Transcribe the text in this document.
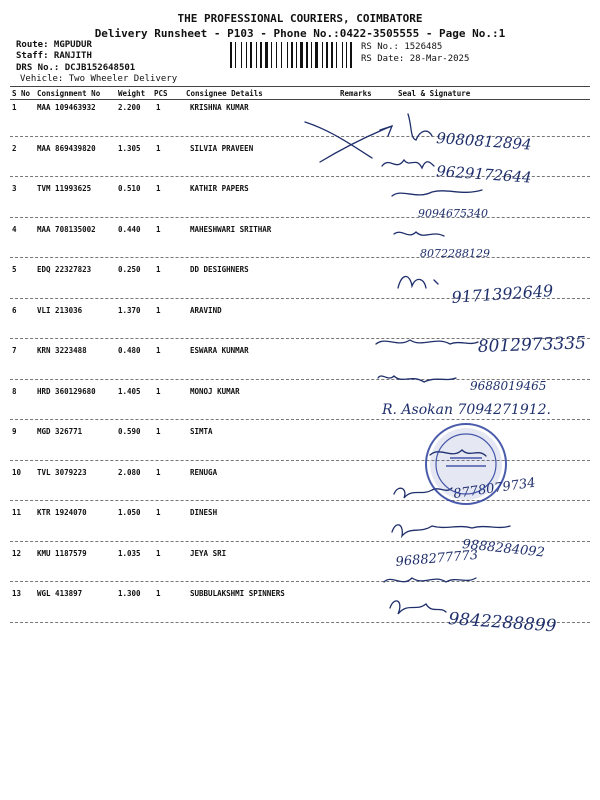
THE PROFESSIONAL COURIERS, COIMBATORE
Delivery Runsheet - P103 - Phone No.:0422-3505555 - Page No.:1
Route: MGPUDUR
Staff: RANJITH
DRS No.: DCJB152648501
Vehicle: Two Wheeler Delivery
RS No.: 1526485
RS Date: 28-Mar-2025
S No Consignment No Weight PCS Consignee Details	Remarks	Seal & Signature
1	MAA 109463932	2.200 1	KRISHNA KUMAR
2	MAA 869439820	1.305 1	SILVIA PRAVEEN
3	TVM 11993625	0.510 1	KATHIR PAPERS
4	MAA 708135002	0.440 1	MAHESHWARI SRITHAR
5	EDQ 22327823	0.250 1	DD DESIGHNERS
6	VLI 213036	1.370 1	ARAVIND
7	KRN 3223488	0.480 1	ESWARA KUNMAR
8	HRD 360129680	1.405 1	MONOJ KUMAR
9	MGD 326771	0.590 1	SIMTA
10 TVL 3079223	2.080 1	RENUGA
11 KTR 1924070	1.050 1	DINESH
12 KMU 1187579	1.035 1	JEYA SRI
13 WGL 413897	1.300 1	SUBBULAKSHMI SPINNERS
9080812894
9629172644
9094675340
8072288129
9171392649
8012973335
9688019465
R. Asokan 7094271912.
8778079734
9888284092
9688277773
9842288899
